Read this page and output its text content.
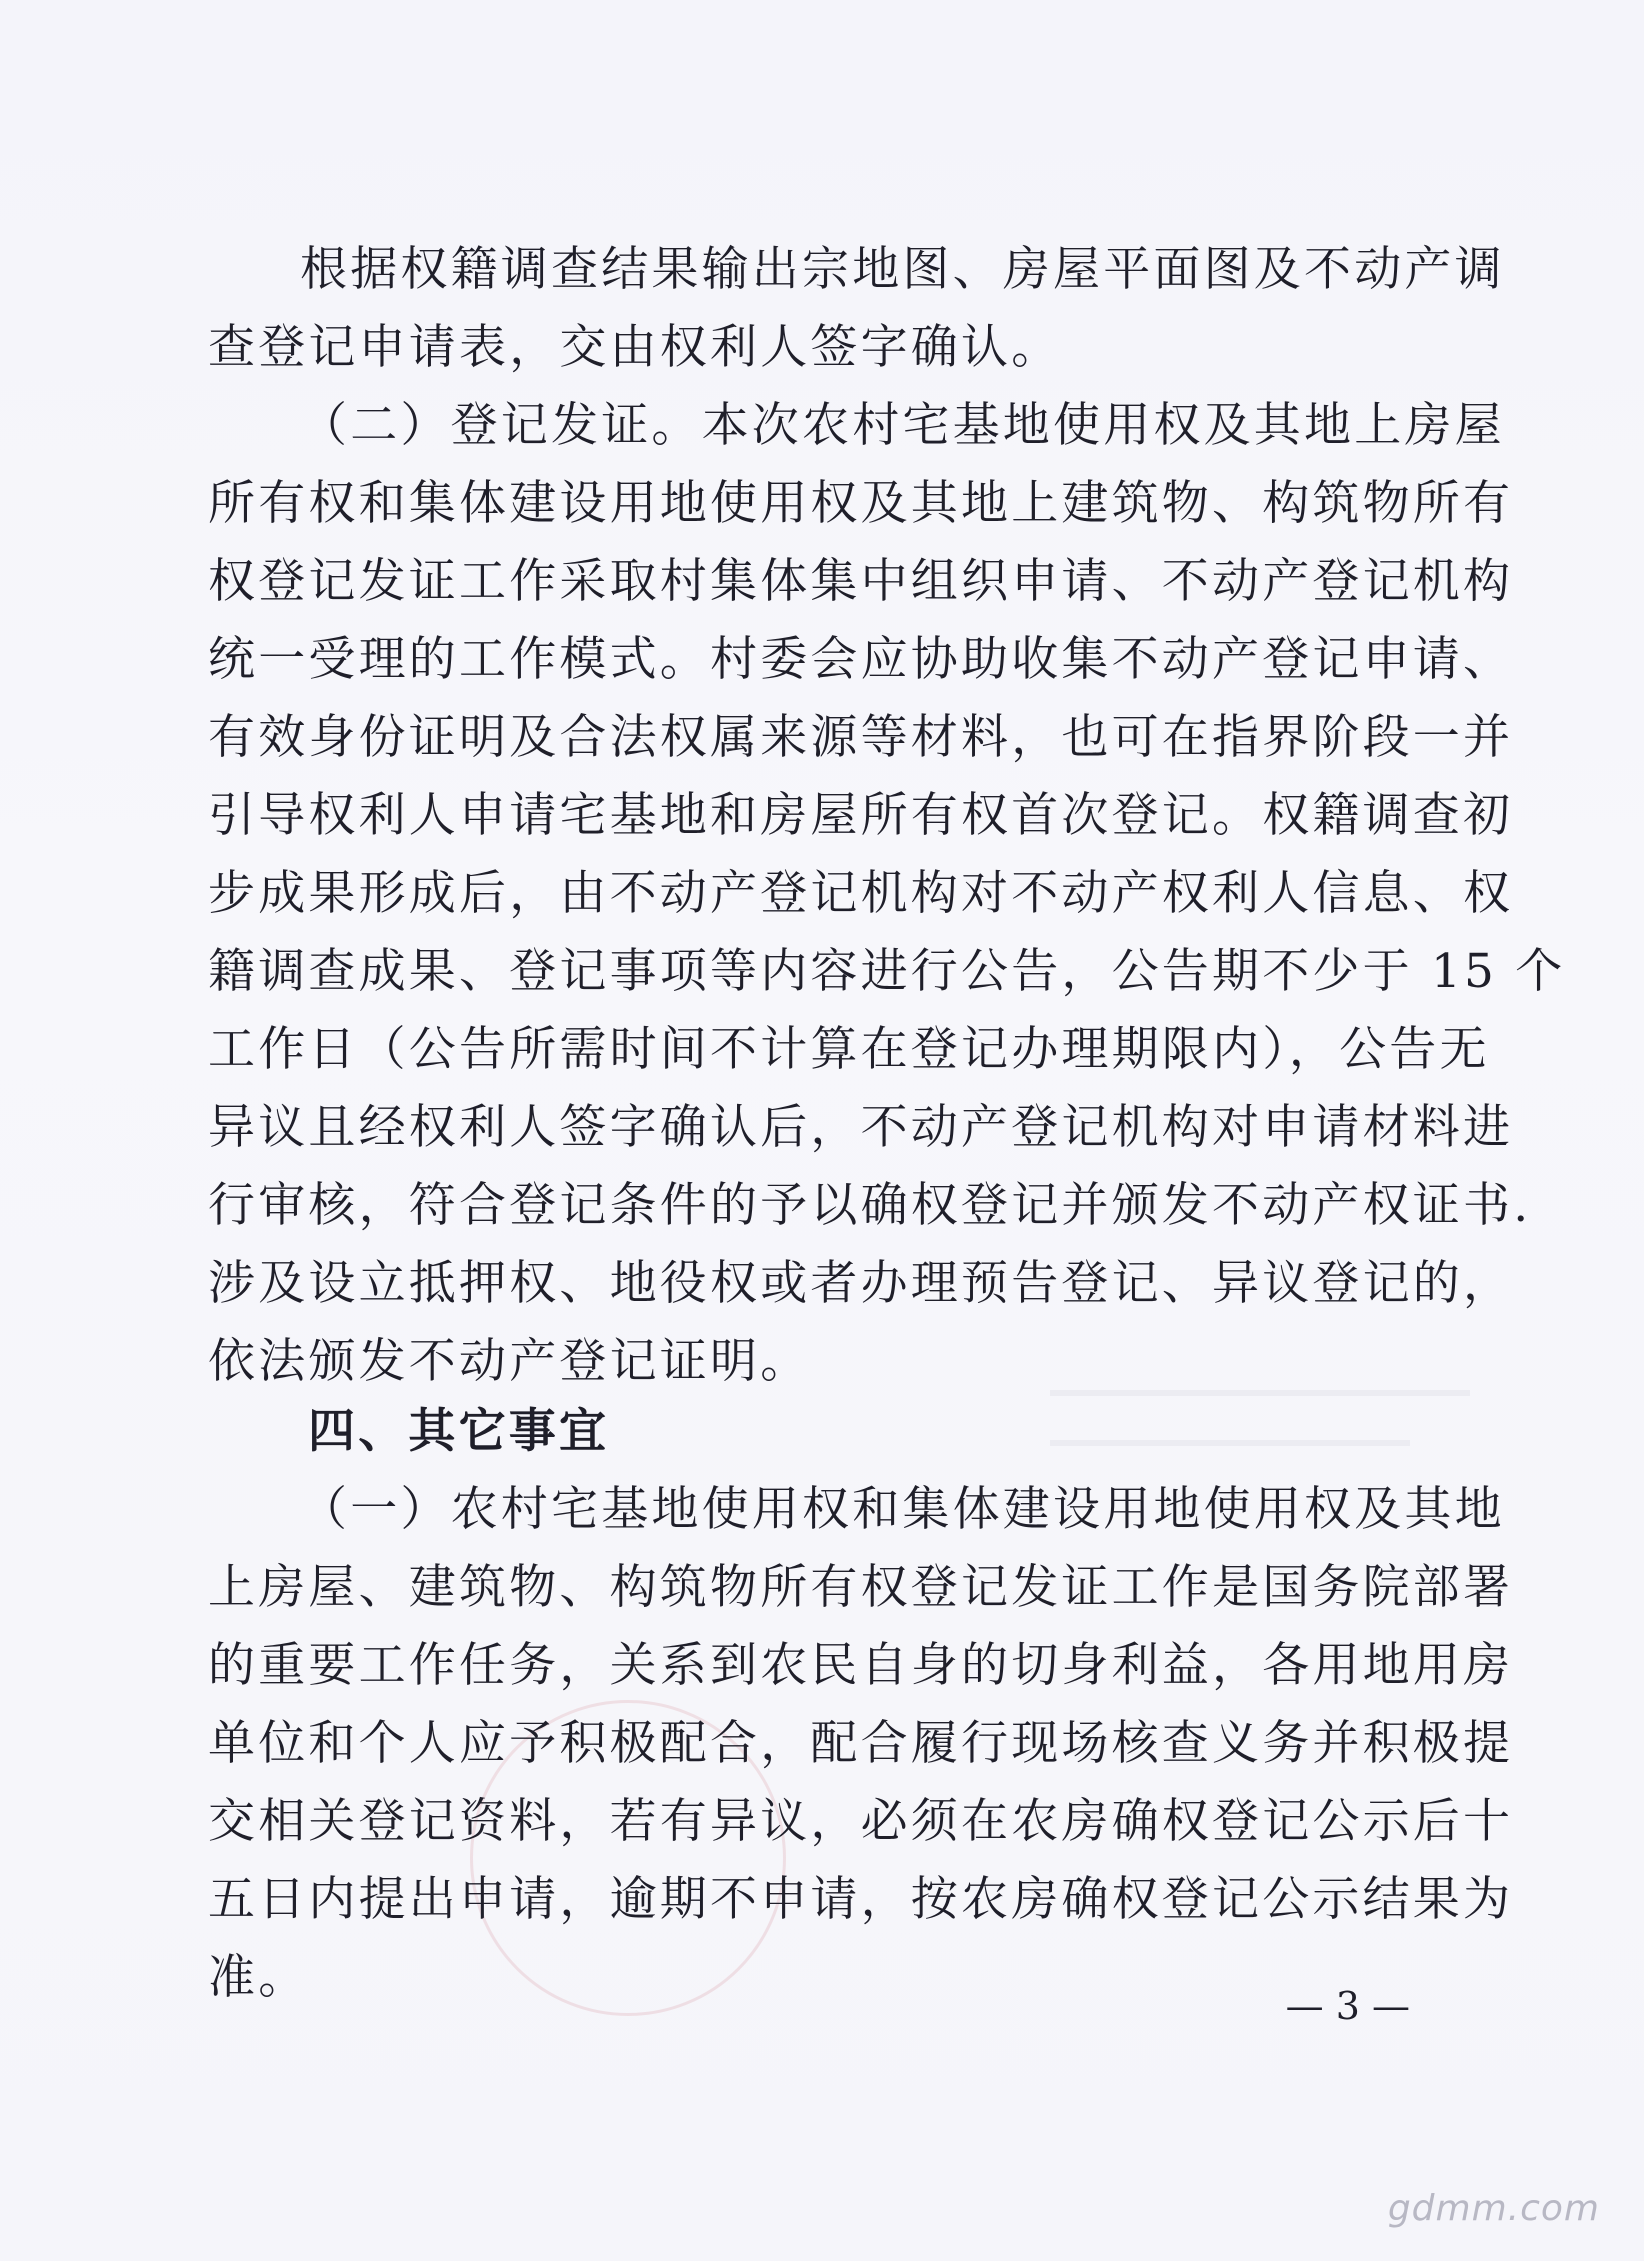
根据权籍调查结果输出宗地图、房屋平面图及不动产调
查登记申请表，交由权利人签字确认。
（二）登记发证。本次农村宅基地使用权及其地上房屋
所有权和集体建设用地使用权及其地上建筑物、构筑物所有
权登记发证工作采取村集体集中组织申请、不动产登记机构
统一受理的工作模式。村委会应协助收集不动产登记申请、
有效身份证明及合法权属来源等材料，也可在指界阶段一并
引导权利人申请宅基地和房屋所有权首次登记。权籍调查初
步成果形成后，由不动产登记机构对不动产权利人信息、权
籍调查成果、登记事项等内容进行公告，公告期不少于 15 个
工作日（公告所需时间不计算在登记办理期限内），公告无
异议且经权利人签字确认后，不动产登记机构对申请材料进
行审核，符合登记条件的予以确权登记并颁发不动产权证书.
涉及设立抵押权、地役权或者办理预告登记、异议登记的，
依法颁发不动产登记证明。
四、其它事宜
（一）农村宅基地使用权和集体建设用地使用权及其地
上房屋、建筑物、构筑物所有权登记发证工作是国务院部署
的重要工作任务，关系到农民自身的切身利益，各用地用房
单位和个人应予积极配合，配合履行现场核查义务并积极提
交相关登记资料，若有异议，必须在农房确权登记公示后十
五日内提出申请，逾期不申请，按农房确权登记公示结果为
准。
— 3 —
gdmm.com
